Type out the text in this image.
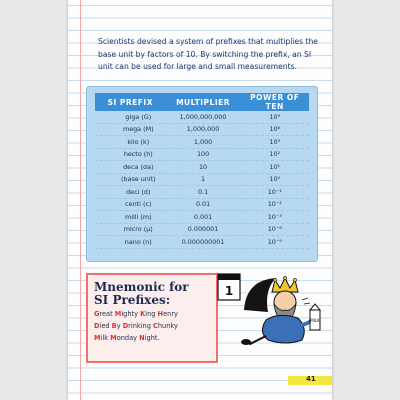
Scientists devised a system of prefixes that multiplies the base unit by factors of 10. By switching the prefix, an SI unit can be used for large and small measurements.
SI PREFIX	MULTIPLIER	POWER OF TEN
giga (G)	1,000,000,000	10⁹
mega (M)	1,000,000	10⁶
kilo (k)	1,000	10³
hecto (h)	100	10²
deca (da)	10	10¹
(base unit)	1	10⁰
deci (d)	0.1	10⁻¹
centi (c)	0.01	10⁻²
milli (m)	0.001	10⁻³
micro (μ)	0.000001	10⁻⁶
nano (n)	0.000000001	10⁻⁹
Mnemonic for
SI Prefixes:
Great Mighty King Henry
Died By Drinking Chunky
Milk Monday Night.
1
MILK
41
